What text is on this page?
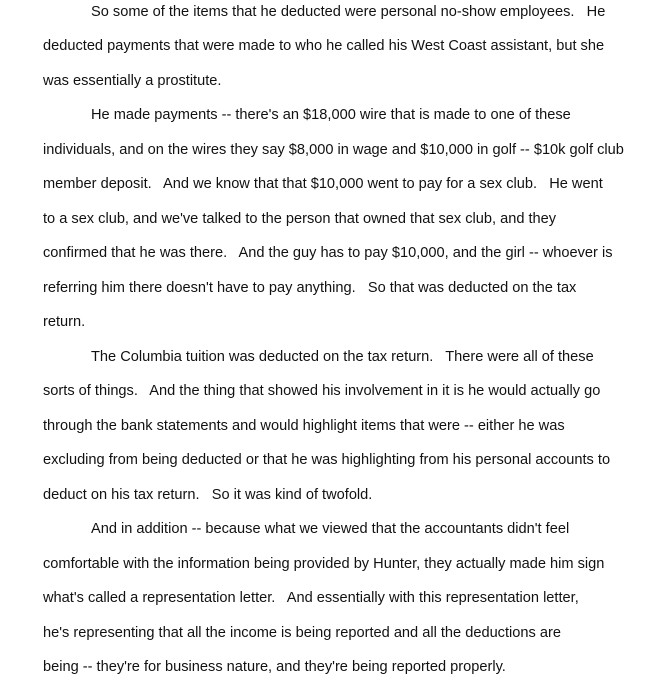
So some of the items that he deducted were personal no-show employees.   He
deducted payments that were made to who he called his West Coast assistant, but she
was essentially a prostitute.
He made payments -- there's an $18,000 wire that is made to one of these
individuals, and on the wires they say $8,000 in wage and $10,000 in golf -- $10k golf club
member deposit.   And we know that that $10,000 went to pay for a sex club.   He went
to a sex club, and we've talked to the person that owned that sex club, and they
confirmed that he was there.   And the guy has to pay $10,000, and the girl -- whoever is
referring him there doesn't have to pay anything.   So that was deducted on the tax
return.
The Columbia tuition was deducted on the tax return.   There were all of these
sorts of things.   And the thing that showed his involvement in it is he would actually go
through the bank statements and would highlight items that were -- either he was
excluding from being deducted or that he was highlighting from his personal accounts to
deduct on his tax return.   So it was kind of twofold.
And in addition -- because what we viewed that the accountants didn't feel
comfortable with the information being provided by Hunter, they actually made him sign
what's called a representation letter.   And essentially with this representation letter,
he's representing that all the income is being reported and all the deductions are
being -- they're for business nature, and they're being reported properly.
